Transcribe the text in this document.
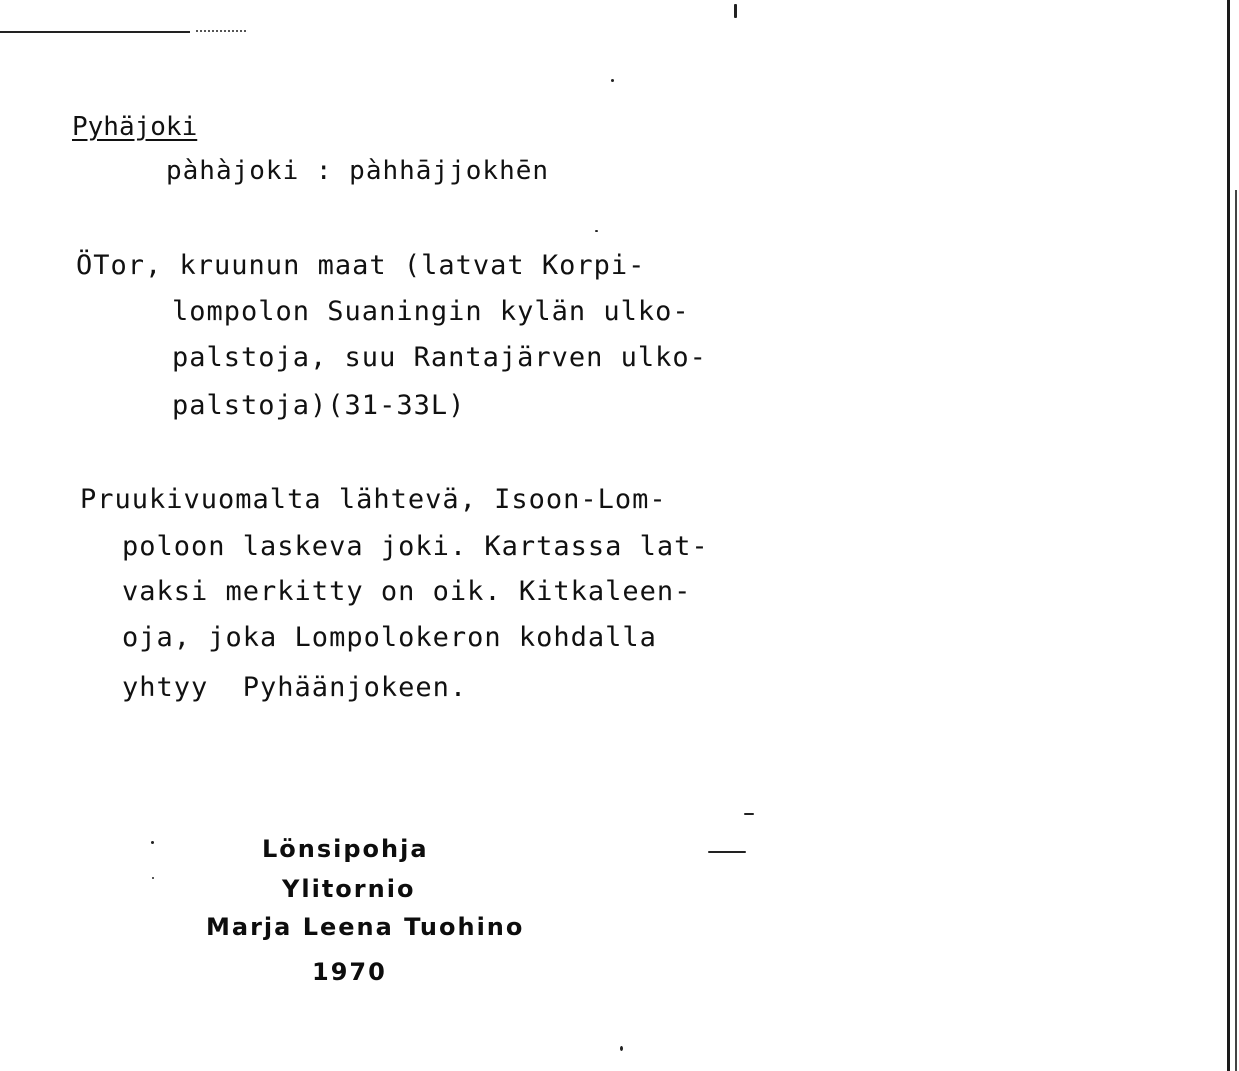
Pyhäjoki
pàhàjoki : pàhhājjokhēn
ÖTor, kruunun maat (latvat Korpi-
lompolon Suaningin kylän ulko-
palstoja, suu Rantajärven ulko-
palstoja)(31-33L)
Pruukivuomalta lähtevä, Isoon-Lom-
poloon laskeva joki. Kartassa lat-
vaksi merkitty on oik. Kitkaleen-
oja, joka Lompolokeron kohdalla
yhtyy  Pyhäänjokeen.
Lönsipohja
Ylitornio
Marja Leena Tuohino
1970
